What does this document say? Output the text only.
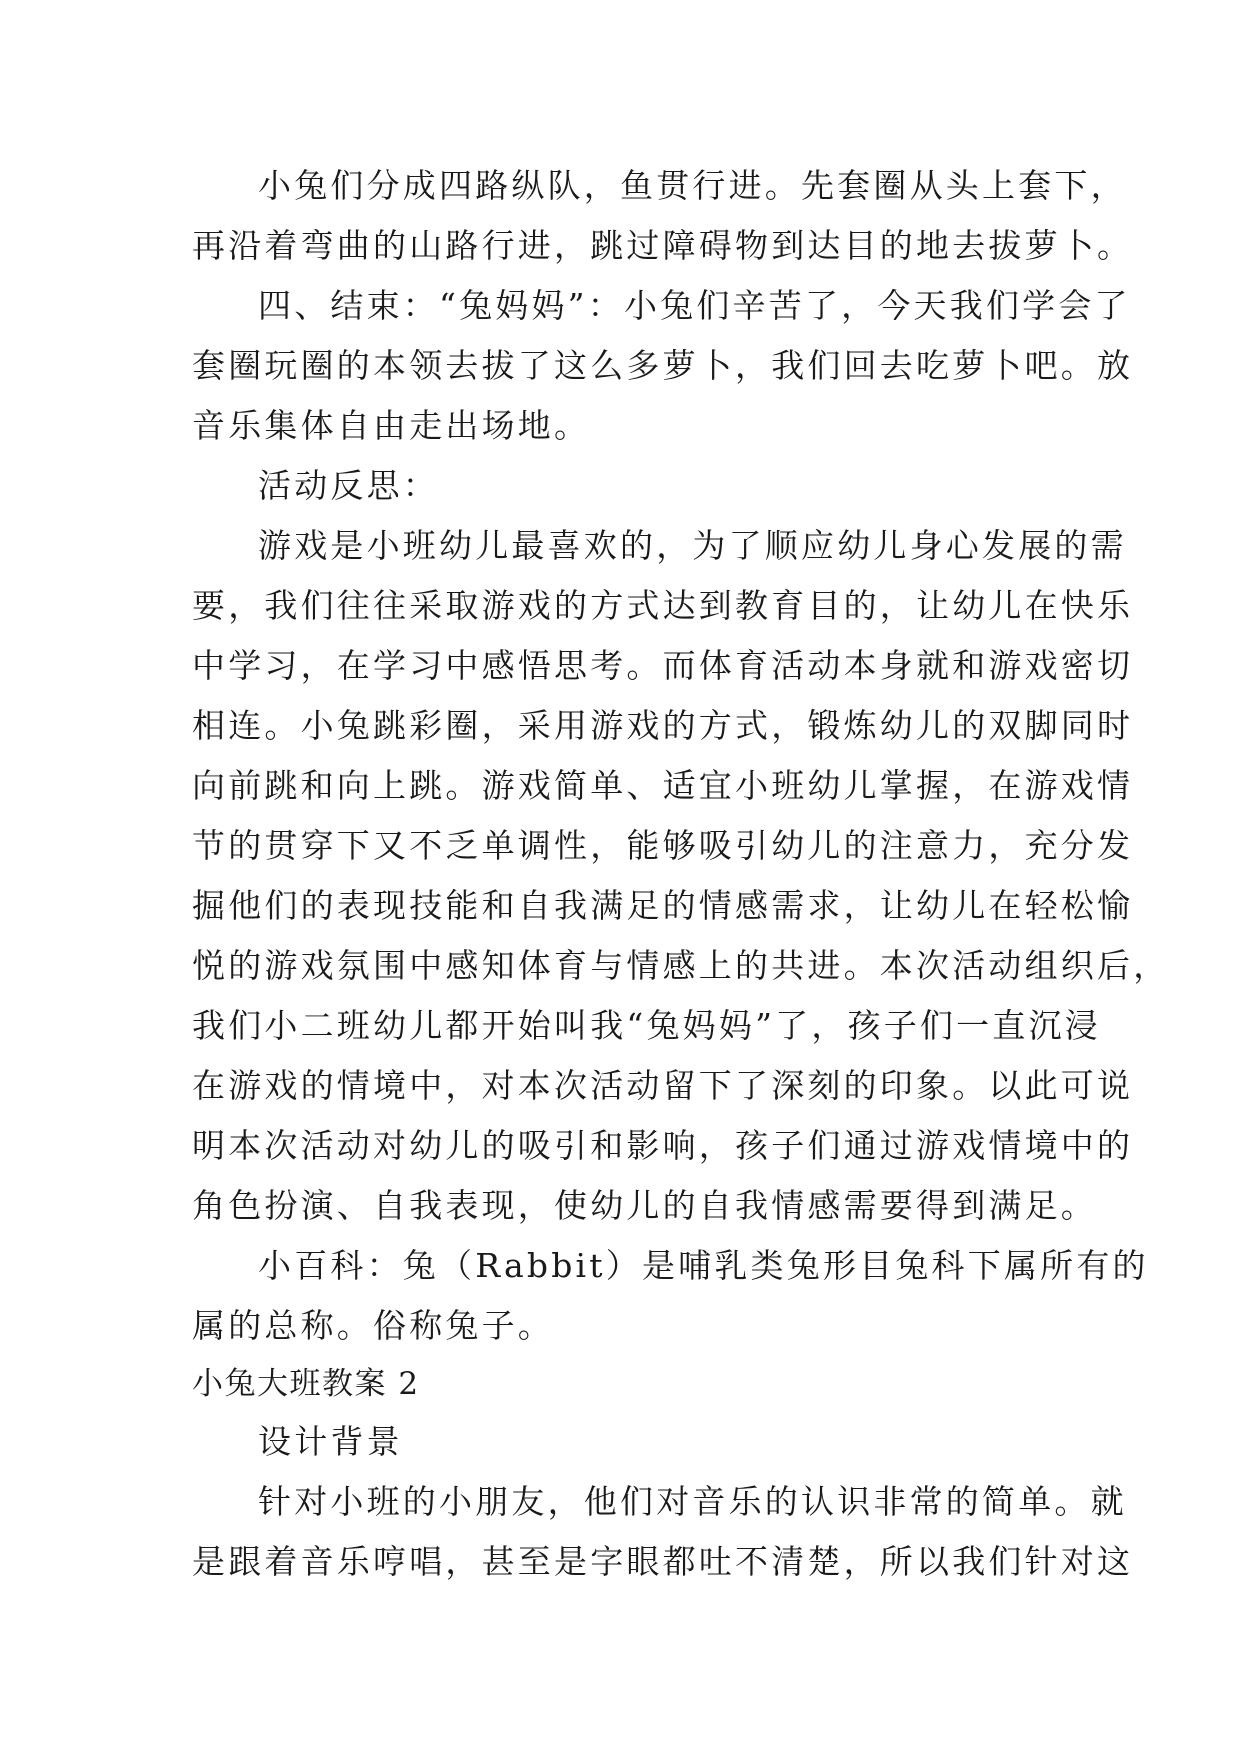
小兔们分成四路纵队，鱼贯行进。先套圈从头上套下，
再沿着弯曲的山路行进，跳过障碍物到达目的地去拔萝卜。
四、结束：“兔妈妈”：小兔们辛苦了，今天我们学会了
套圈玩圈的本领去拔了这么多萝卜，我们回去吃萝卜吧。放
音乐集体自由走出场地。
活动反思：
游戏是小班幼儿最喜欢的，为了顺应幼儿身心发展的需
要，我们往往采取游戏的方式达到教育目的，让幼儿在快乐
中学习，在学习中感悟思考。而体育活动本身就和游戏密切
相连。小兔跳彩圈，采用游戏的方式，锻炼幼儿的双脚同时
向前跳和向上跳。游戏简单、适宜小班幼儿掌握，在游戏情
节的贯穿下又不乏单调性，能够吸引幼儿的注意力，充分发
掘他们的表现技能和自我满足的情感需求，让幼儿在轻松愉
悦的游戏氛围中感知体育与情感上的共进。本次活动组织后，
我们小二班幼儿都开始叫我“兔妈妈”了，孩子们一直沉浸
在游戏的情境中，对本次活动留下了深刻的印象。以此可说
明本次活动对幼儿的吸引和影响，孩子们通过游戏情境中的
角色扮演、自我表现，使幼儿的自我情感需要得到满足。
小百科：兔（Rabbit）是哺乳类兔形目兔科下属所有的
属的总称。俗称兔子。
小兔大班教案 2
设计背景
针对小班的小朋友，他们对音乐的认识非常的简单。就
是跟着音乐哼唱，甚至是字眼都吐不清楚，所以我们针对这
